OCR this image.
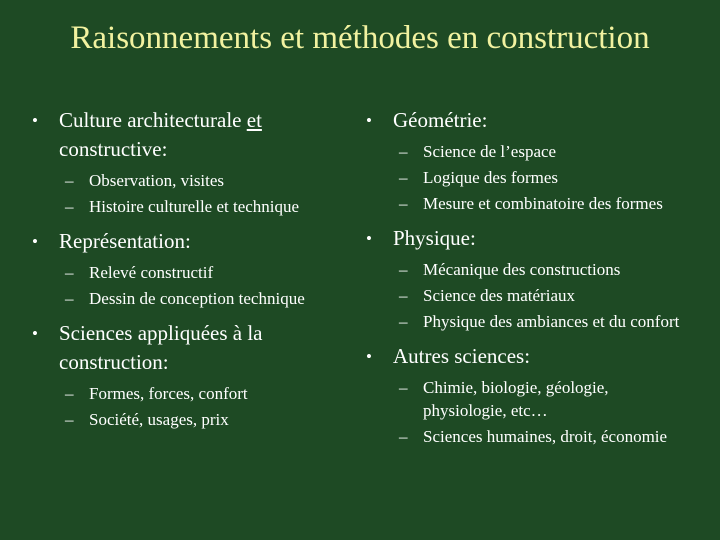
Raisonnements et méthodes en construction
• Culture architecturale et constructive:
– Observation, visites
– Histoire culturelle et technique
• Représentation:
– Relevé constructif
– Dessin de conception technique
• Sciences appliquées à la construction:
– Formes, forces, confort
– Société, usages, prix
• Géométrie:
– Science de l’espace
– Logique des formes
– Mesure et combinatoire des formes
• Physique:
– Mécanique des constructions
– Science des matériaux
– Physique des ambiances et du confort
• Autres sciences:
– Chimie, biologie, géologie, physiologie, etc…
– Sciences humaines, droit, économie
